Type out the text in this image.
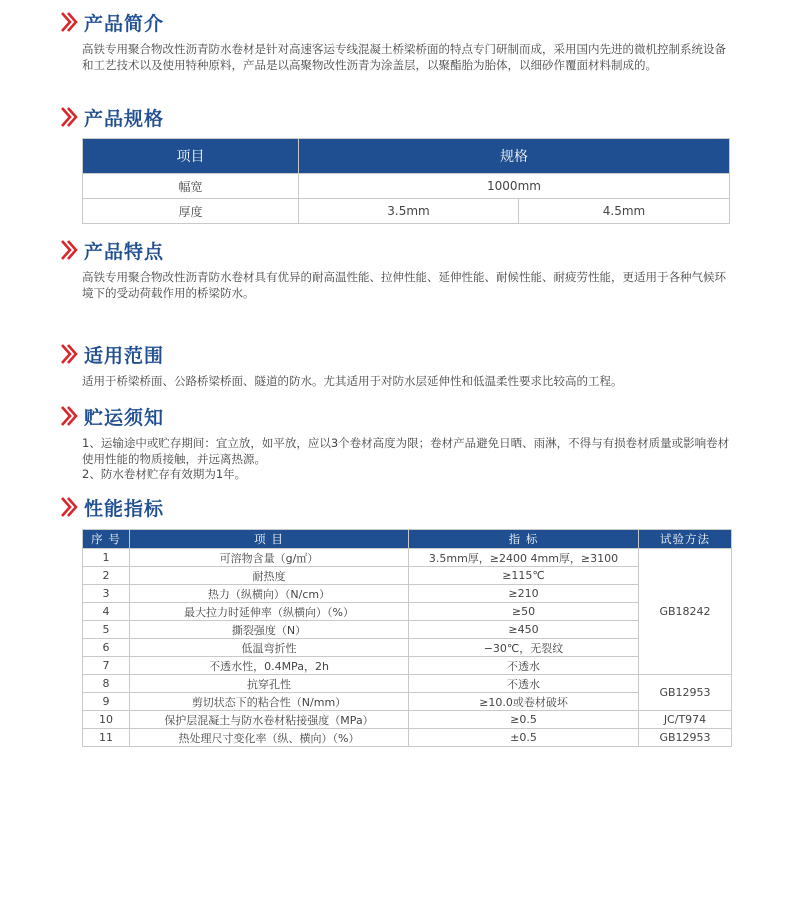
产品简介
高铁专用聚合物改性沥青防水卷材是针对高速客运专线混凝土桥梁桥面的特点专门研制而成，采用国内先进的微机控制系统设备和工艺技术以及使用特种原料，产品是以高聚物改性沥青为涂盖层，以聚酯胎为胎体，以细砂作覆面材料制成的。
产品规格
项目	规格	
幅宽	1000mm	
厚度	3.5mm	4.5mm
产品特点
高铁专用聚合物改性沥青防水卷材具有优异的耐高温性能、拉伸性能、延伸性能、耐候性能、耐疲劳性能，更适用于各种气候环境下的受动荷载作用的桥梁防水。
适用范围
适用于桥梁桥面、公路桥梁桥面、隧道的防水。尤其适用于对防水层延伸性和低温柔性要求比较高的工程。
贮运须知
1、运输途中或贮存期间：宜立放，如平放，应以3个卷材高度为限；卷材产品避免日晒、雨淋，不得与有损卷材质量或影响卷材使用性能的物质接触，并远离热源。
2、防水卷材贮存有效期为1年。
性能指标
序 号	项 目	指 标	试验方法
1	可溶物含量（g/㎡）	3.5mm厚，≥2400 4mm厚，≥3100	GB18242
2	耐热度	≥115℃	
3	热力（纵横向）（N/cm）	≥210	
4	最大拉力时延伸率（纵横向）（%）	≥50	
5	撕裂强度（N）	≥450	
6	低温弯折性	−30℃，无裂纹	
7	不透水性，0.4MPa，2h	不透水	
8	抗穿孔性	不透水	GB12953
9	剪切状态下的粘合性（N/mm）	≥10.0或卷材破坏	
10	保护层混凝土与防水卷材粘接强度（MPa）	≥0.5	JC/T974
11	热处理尺寸变化率（纵、横向）（%）	±0.5	GB12953
